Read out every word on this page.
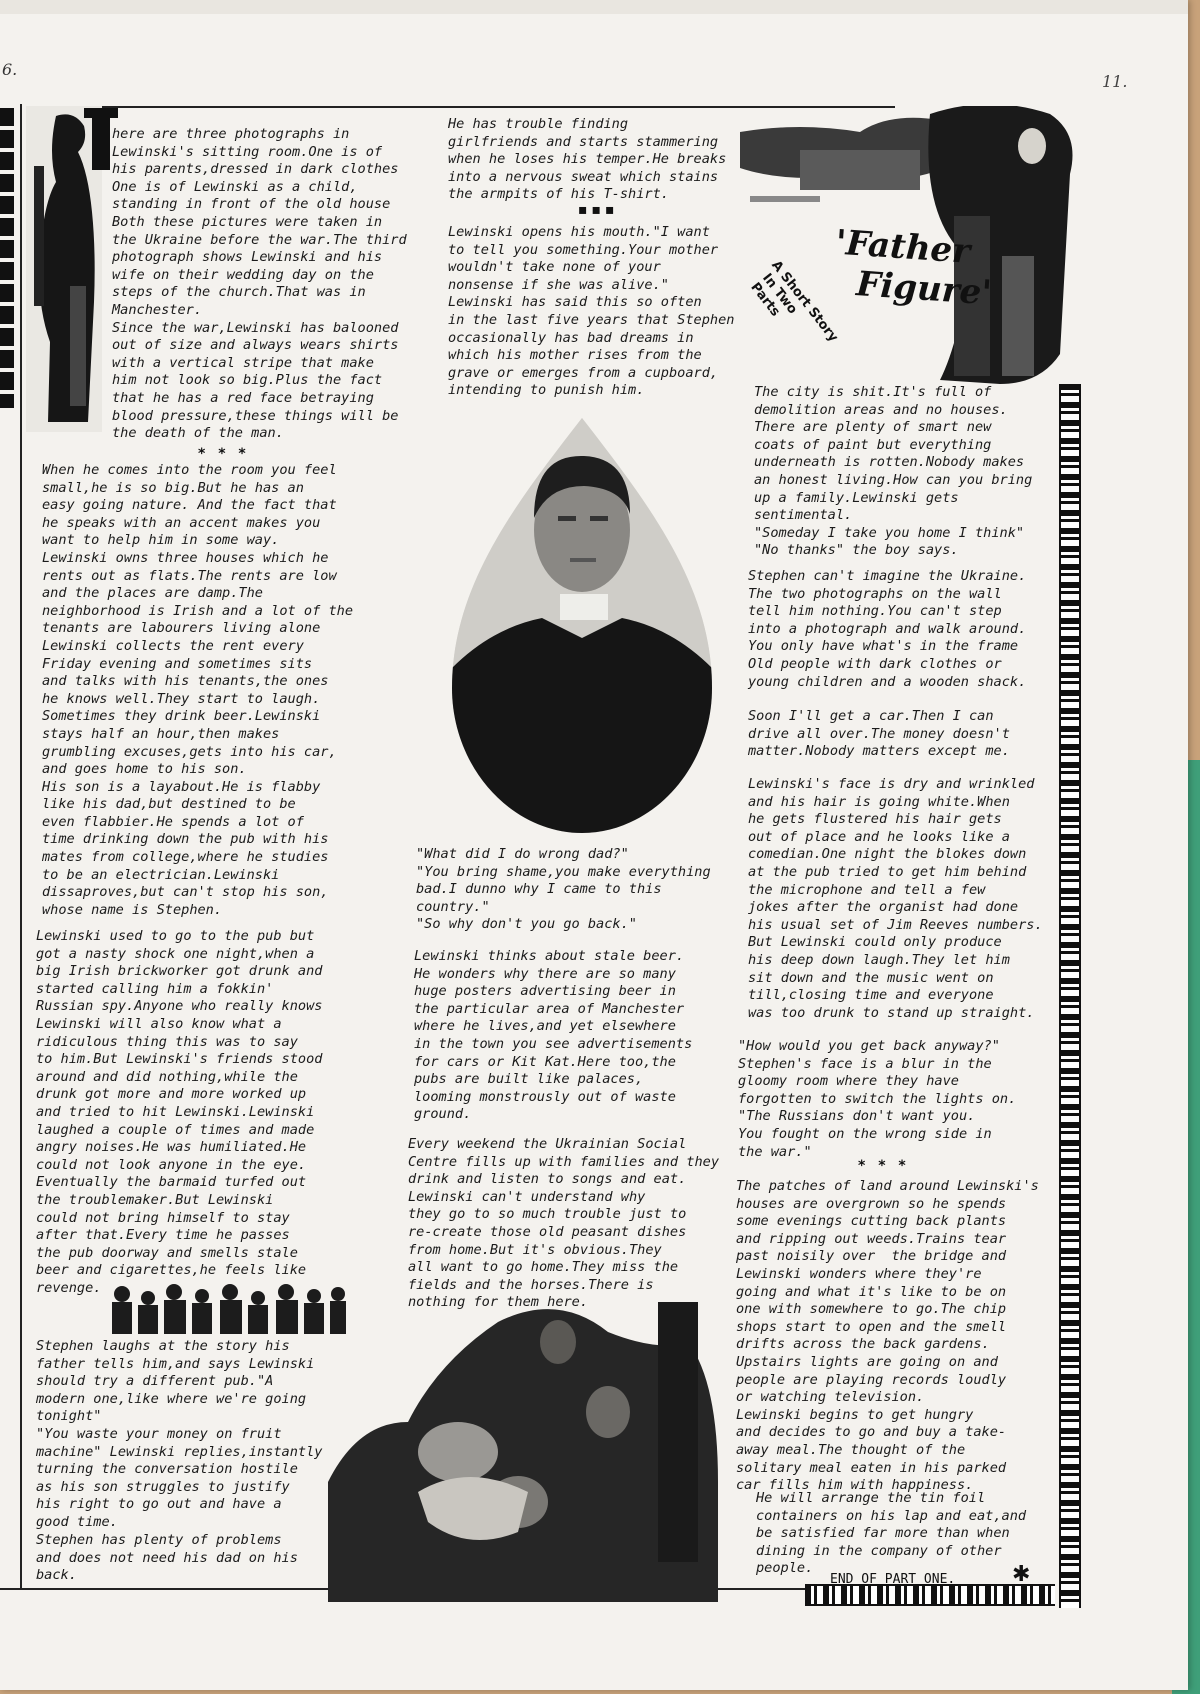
6.
11.
A Short Story
In Two
Parts
'Father
Figure'
here are three photographs in
Lewinski's sitting room.One is of
his parents,dressed in dark clothes
One is of Lewinski as a child,
standing in front of the old house
Both these pictures were taken in
the Ukraine before the war.The third
photograph shows Lewinski and his
wife on their wedding day on the
steps of the church.That was in
Manchester.
Since the war,Lewinski has balooned
out of size and always wears shirts
with a vertical stripe that make
him not look so big.Plus the fact
that he has a red face betraying
blood pressure,these things will be
the death of the man.
* * *
When he comes into the room you feel
small,he is so big.But he has an
easy going nature. And the fact that
he speaks with an accent makes you
want to help him in some way.
Lewinski owns three houses which he
rents out as flats.The rents are low
and the places are damp.The
neighborhood is Irish and a lot of the
tenants are labourers living alone
Lewinski collects the rent every
Friday evening and sometimes sits
and talks with his tenants,the ones
he knows well.They start to laugh.
Sometimes they drink beer.Lewinski
stays half an hour,then makes
grumbling excuses,gets into his car,
and goes home to his son.
His son is a layabout.He is flabby
like his dad,but destined to be
even flabbier.He spends a lot of
time drinking down the pub with his
mates from college,where he studies
to be an electrician.Lewinski
dissaproves,but can't stop his son,
whose name is Stephen.
Lewinski used to go to the pub but
got a nasty shock one night,when a
big Irish brickworker got drunk and
started calling him a fokkin'
Russian spy.Anyone who really knows
Lewinski will also know what a
ridiculous thing this was to say
to him.But Lewinski's friends stood
around and did nothing,while the
drunk got more and more worked up
and tried to hit Lewinski.Lewinski
laughed a couple of times and made
angry noises.He was humiliated.He
could not look anyone in the eye.
Eventually the barmaid turfed out
the troublemaker.But Lewinski
could not bring himself to stay
after that.Every time he passes
the pub doorway and smells stale
beer and cigarettes,he feels like
revenge.
Stephen laughs at the story his
father tells him,and says Lewinski
should try a different pub."A
modern one,like where we're going
tonight"
"You waste your money on fruit
machine" Lewinski replies,instantly
turning the conversation hostile
as his son struggles to justify
his right to go out and have a
good time.
Stephen has plenty of problems
and does not need his dad on his
back.
He has trouble finding
girlfriends and starts stammering
when he loses his temper.He breaks
into a nervous sweat which stains
the armpits of his T-shirt.
▪▪▪
Lewinski opens his mouth."I want
to tell you something.Your mother
wouldn't take none of your
nonsense if she was alive."
Lewinski has said this so often
in the last five years that Stephen
occasionally has bad dreams in
which his mother rises from the
grave or emerges from a cupboard,
intending to punish him.
"What did I do wrong dad?"
"You bring shame,you make everything
bad.I dunno why I came to this
country."
"So why don't you go back."
Lewinski thinks about stale beer.
He wonders why there are so many
huge posters advertising beer in
the particular area of Manchester
where he lives,and yet elsewhere
in the town you see advertisements
for cars or Kit Kat.Here too,the
pubs are built like palaces,
looming monstrously out of waste
ground.
Every weekend the Ukrainian Social
Centre fills up with families and they
drink and listen to songs and eat.
Lewinski can't understand why
they go to so much trouble just to
re-create those old peasant dishes
from home.But it's obvious.They
all want to go home.They miss the
fields and the horses.There is
nothing for them here.
The city is shit.It's full of
demolition areas and no houses.
There are plenty of smart new
coats of paint but everything
underneath is rotten.Nobody makes
an honest living.How can you bring
up a family.Lewinski gets
sentimental.
"Someday I take you home I think"
"No thanks" the boy says.
Stephen can't imagine the Ukraine.
The two photographs on the wall
tell him nothing.You can't step
into a photograph and walk around.
You only have what's in the frame
Old people with dark clothes or
young children and a wooden shack.
Soon I'll get a car.Then I can
drive all over.The money doesn't
matter.Nobody matters except me.
Lewinski's face is dry and wrinkled
and his hair is going white.When
he gets flustered his hair gets
out of place and he looks like a
comedian.One night the blokes down
at the pub tried to get him behind
the microphone and tell a few
jokes after the organist had done
his usual set of Jim Reeves numbers.
But Lewinski could only produce
his deep down laugh.They let him
sit down and the music went on
till,closing time and everyone
was too drunk to stand up straight.
"How would you get back anyway?"
Stephen's face is a blur in the
gloomy room where they have
forgotten to switch the lights on.
"The Russians don't want you.
You fought on the wrong side in
the war."
* * *
The patches of land around Lewinski's
houses are overgrown so he spends
some evenings cutting back plants
and ripping out weeds.Trains tear
past noisily over  the bridge and
Lewinski wonders where they're
going and what it's like to be on
one with somewhere to go.The chip
shops start to open and the smell
drifts across the back gardens.
Upstairs lights are going on and
people are playing records loudly
or watching television.
Lewinski begins to get hungry
and decides to go and buy a take-
away meal.The thought of the
solitary meal eaten in his parked
car fills him with happiness.
He will arrange the tin foil
containers on his lap and eat,and
be satisfied far more than when
dining in the company of other
people.
END OF PART ONE.	✱
